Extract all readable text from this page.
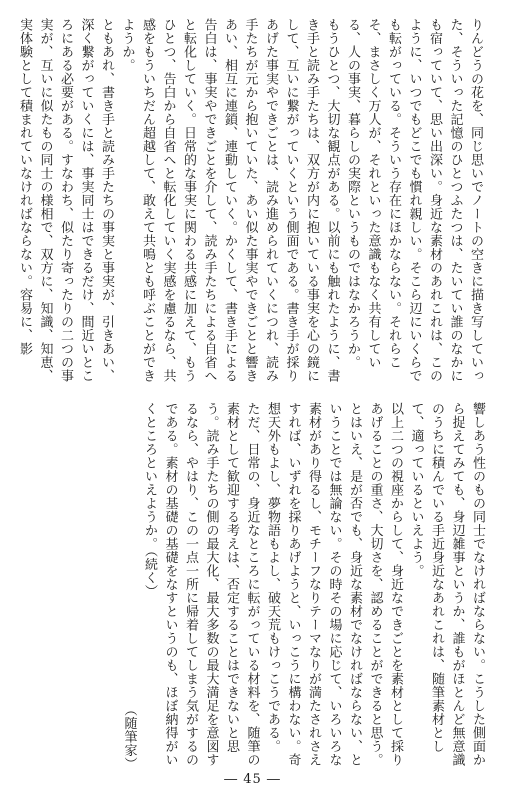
りんどうの花を、同じ思いでノートの空きに描き写していった、そういった記憶のひとつふたつは、たいてい誰のなかにも宿っていて、思い出深い。身近な素材のあれこれは、このように、いつでもどこでも慣れ親しい。そこら辺にいくらでも転がっている。そういう存在にほかならない。それらこそ、まさしく万人が、それといった意識もなく共有している、人の事実、暮らしの実際というものではなかろうか。

もうひとつ、大切な観点がある。以前にも触れたように、書き手と読み手たちは、双方が内に抱いている事実を心の鏡にして、互いに繋がっていくという側面である。書き手が採りあげた事実やできごとは、読み進められていくにつれ、読み手たちが元から抱いていた、あい似た事実やできごとと響きあい、相互に連鎖、連動していく。かくして、書き手による告白は、事実やできごとを介して、読み手たちによる自省へと転化していく。日常的な事実に関わる共感に加えて、もうひとつ、告白から自省へと転化していく実感を慮るなら、共感をもういちだん超越して、敢えて共鳴とも呼ぶことができようか。

ともあれ、書き手と読み手たちの事実と事実が、引きあい、深く繋がっていくには、事実同士はできるだけ、間近いところにある必要がある。すなわち、似たり寄ったりの二つの事実が、互いに似たもの同士の様相で、双方に、知識、知恵、実体験として積まれていなければならない。容易に、影

響しあう性のもの同士でなければならない。こうした側面から捉えてみても、身辺雑事というか、誰もがほとんど無意識のうちに積んでいる手近身近なあれこれは、随筆素材として、適っているといえよう。

以上二つの視座からして、身近なできごとを素材として採りあげることの重さ、大切さを、認めることができると思う。とはいえ、是が否でも、身近な素材でなければならない、ということでは無論ない。その時その場に応じて、いろいろな素材があり得るし、モチーフなりテーマなりが満たされさえすれば、いずれを採りあげようと、いっこうに構わない。奇想天外もよし、夢物語もよし、破天荒もけっこうである。

ただ、日常の、身近なところに転がっている材料を、随筆の素材として歓迎する考えは、否定することはできないと思う。読み手たちの側の最大化、最大多数の最大満足を意図するなら、やはり、この一点一所に帰着してしまう気がするのである。素材の基礎の基礎をなすというのも、ほぼ納得がいくところといえようか。（続く）

（随筆家）

― 45 ―
